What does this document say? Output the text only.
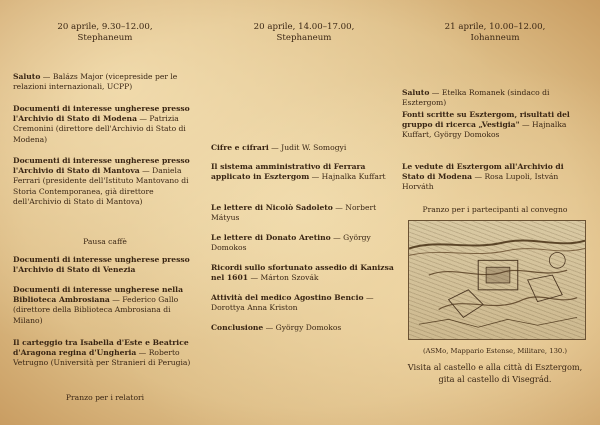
20 aprile, 9.30–12.00,
Stephaneum

Saluto — Balázs Major (vicepreside per le relazioni internazionali, UCPP)

Documenti di interesse ungherese presso l'Archivio di Stato di Modena — Patrizia Cremonini (direttore dell'Archivio di Stato di Modena)

Documenti di interesse ungherese presso l'Archivio di Stato di Mantova — Daniela Ferrari (presidente dell'Istituto Mantovano di Storia Contemporanea, già direttore dell'Archivio di Stato di Mantova)

Pausa caffè

Documenti di interesse ungherese presso l'Archivio di Stato di Venezia

Documenti di interesse ungherese nella Biblioteca Ambrosiana — Federico Gallo (direttore della Biblioteca Ambrosiana di Milano)

Il carteggio tra Isabella d'Este e Beatrice d'Aragona regina d'Ungheria — Roberto Vetrugno (Università per Stranieri di Perugia)

Pranzo per i relatori

20 aprile, 14.00–17.00,
Stephaneum

Cifre e cifrari — Judit W. Somogyi

Il sistema amministrativo di Ferrara applicato in Esztergom — Hajnalka Kuffart

Le lettere di Nicolò Sadoleto — Norbert Mátyus

Le lettere di Donato Aretino — György Domokos

Ricordi sullo sfortunato assedio di Kanizsa nel 1601 — Márton Szovák

Attività del medico Agostino Bencio — Dorottya Anna Kriston

Conclusione — György Domokos

21 aprile, 10.00–12.00,
Iohanneum

Saluto — Etelka Romanek (sindaco di Esztergom)

Fonti scritte su Esztergom, risultati del gruppo di ricerca „Vestigia" — Hajnalka Kuffart, György Domokos

Le vedute di Esztergom all'Archivio di Stato di Modena — Rosa Lupoli, István Horváth

Pranzo per i partecipanti al convegno

(ASMo, Mappario Estense, Militare, 130.)

Visita al castello e alla città di Esztergom,

gita al castello di Visegrád.
